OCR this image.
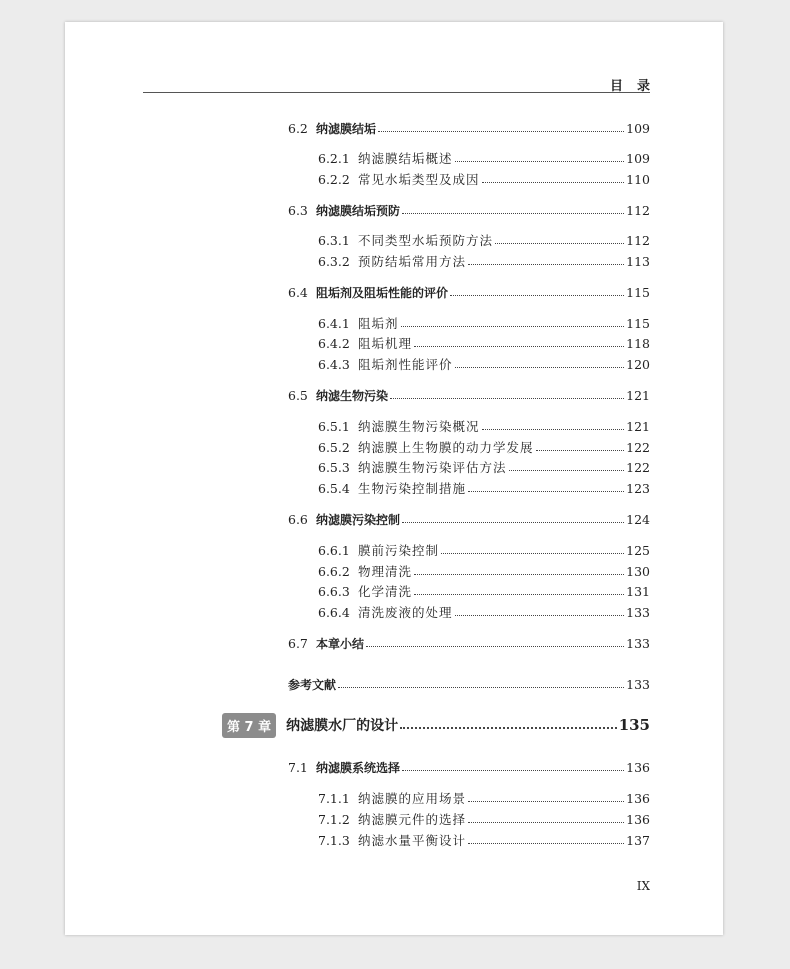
目录
6.2 纳滤膜结垢	109
6.2.1 纳滤膜结垢概述	109
6.2.2 常见水垢类型及成因	110
6.3 纳滤膜结垢预防	112
6.3.1 不同类型水垢预防方法	112
6.3.2 预防结垢常用方法	113
6.4 阻垢剂及阻垢性能的评价	115
6.4.1 阻垢剂	115
6.4.2 阻垢机理	118
6.4.3 阻垢剂性能评价	120
6.5 纳滤生物污染	121
6.5.1 纳滤膜生物污染概况	121
6.5.2 纳滤膜上生物膜的动力学发展	122
6.5.3 纳滤膜生物污染评估方法	122
6.5.4 生物污染控制措施	123
6.6 纳滤膜污染控制	124
6.6.1 膜前污染控制	125
6.6.2 物理清洗	130
6.6.3 化学清洗	131
6.6.4 清洗废液的处理	133
6.7 本章小结	133
参考文献	133
第 7 章	纳滤膜水厂的设计	135
7.1 纳滤膜系统选择	136
7.1.1 纳滤膜的应用场景	136
7.1.2 纳滤膜元件的选择	136
7.1.3 纳滤水量平衡设计	137
IX
